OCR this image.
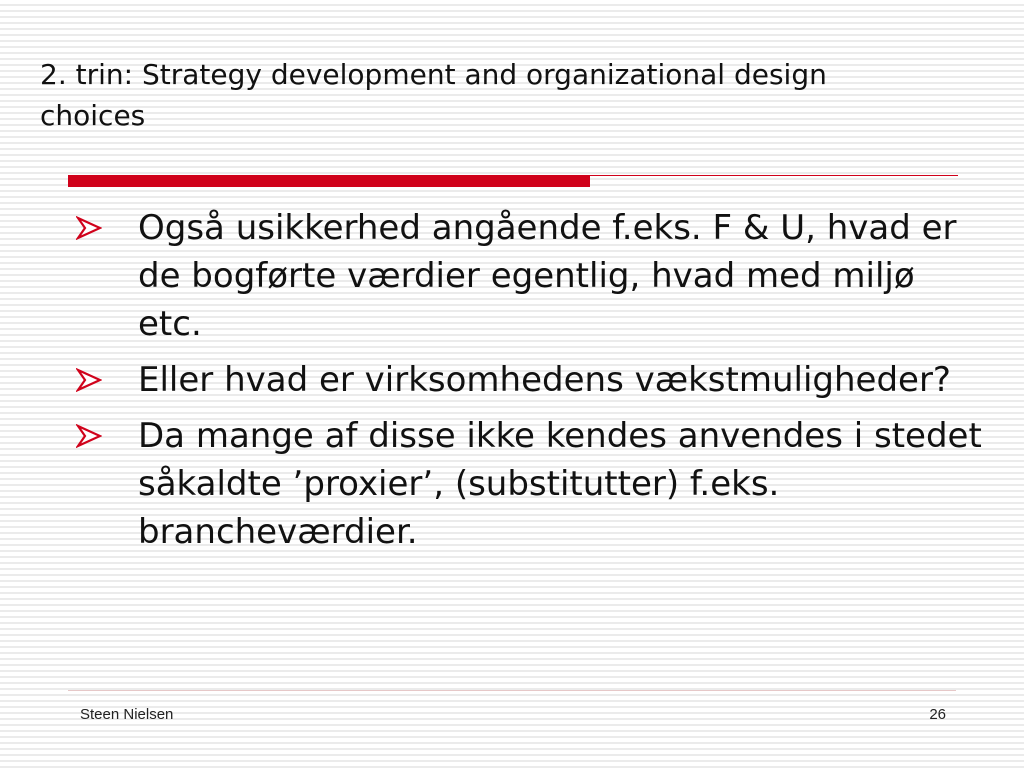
2. trin: Strategy development and organizational design choices
Også usikkerhed angående f.eks. F & U, hvad er de bogførte værdier egentlig, hvad med miljø etc.
Eller hvad er virksomhedens vækstmuligheder?
Da mange af disse ikke kendes anvendes i stedet såkaldte ’proxier’, (substitutter) f.eks. brancheværdier.
Steen Nielsen	26
